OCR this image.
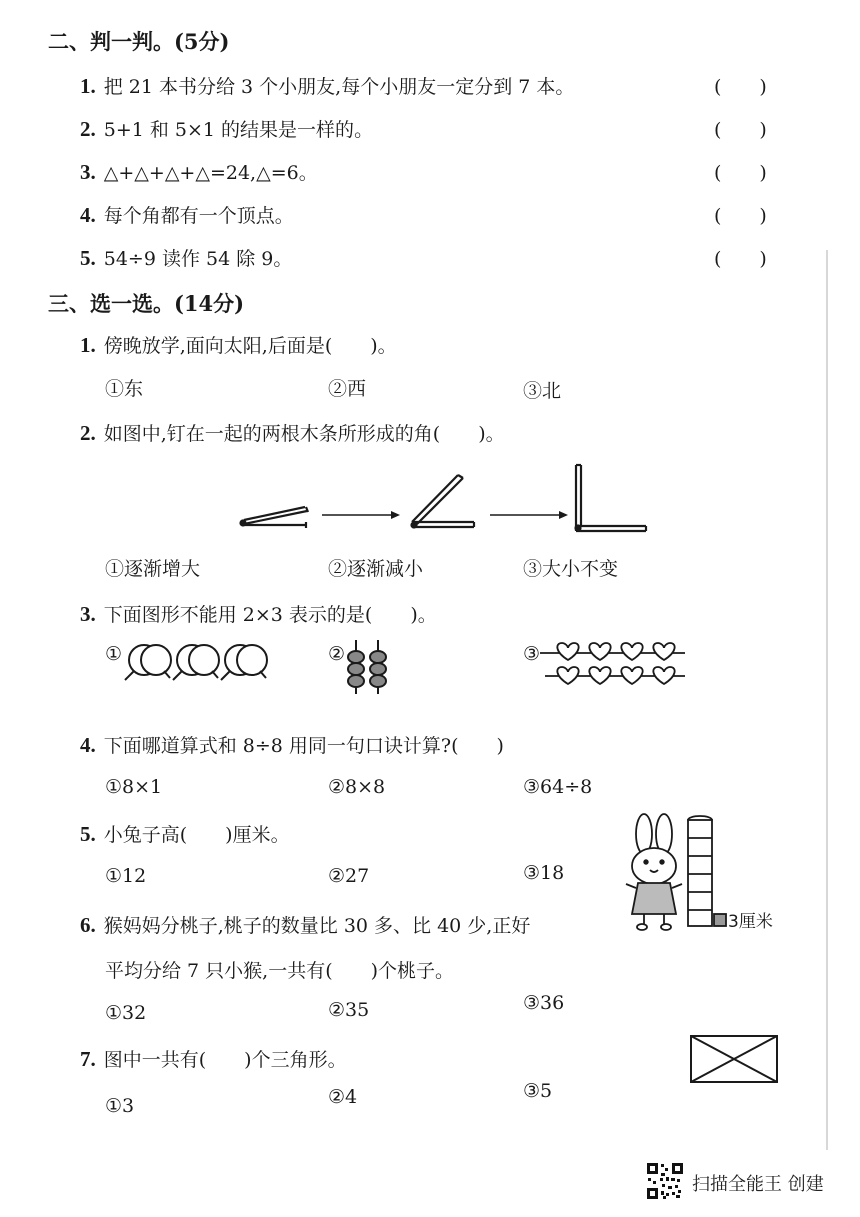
二、判一判。(5分)
1. 把 21 本书分给 3 个小朋友,每个小朋友一定分到 7 本。	(　　)
2. 5+1 和 5×1 的结果是一样的。	(　　)
3. △+△+△+△=24,△=6。	(　　)
4. 每个角都有一个顶点。	(　　)
5. 54÷9 读作 54 除 9。	(　　)
三、选一选。(14分)
1. 傍晚放学,面向太阳,后面是(　　)。
①东	②西	③北
2. 如图中,钉在一起的两根木条所形成的角(　　)。
①逐渐增大	②逐渐减小	③大小不变
3. 下面图形不能用 2×3 表示的是(　　)。
①	②	③
4. 下面哪道算式和 8÷8 用同一句口诀计算?(　　)
①8×1	②8×8	③64÷8
5. 小兔子高(　　)厘米。
①12	②27	③18
3厘米
6. 猴妈妈分桃子,桃子的数量比 30 多、比 40 少,正好
平均分给 7 只小猴,一共有(　　)个桃子。
①32	②35	③36
7. 图中一共有(　　)个三角形。
①3	②4	③5
扫描全能王 创建
